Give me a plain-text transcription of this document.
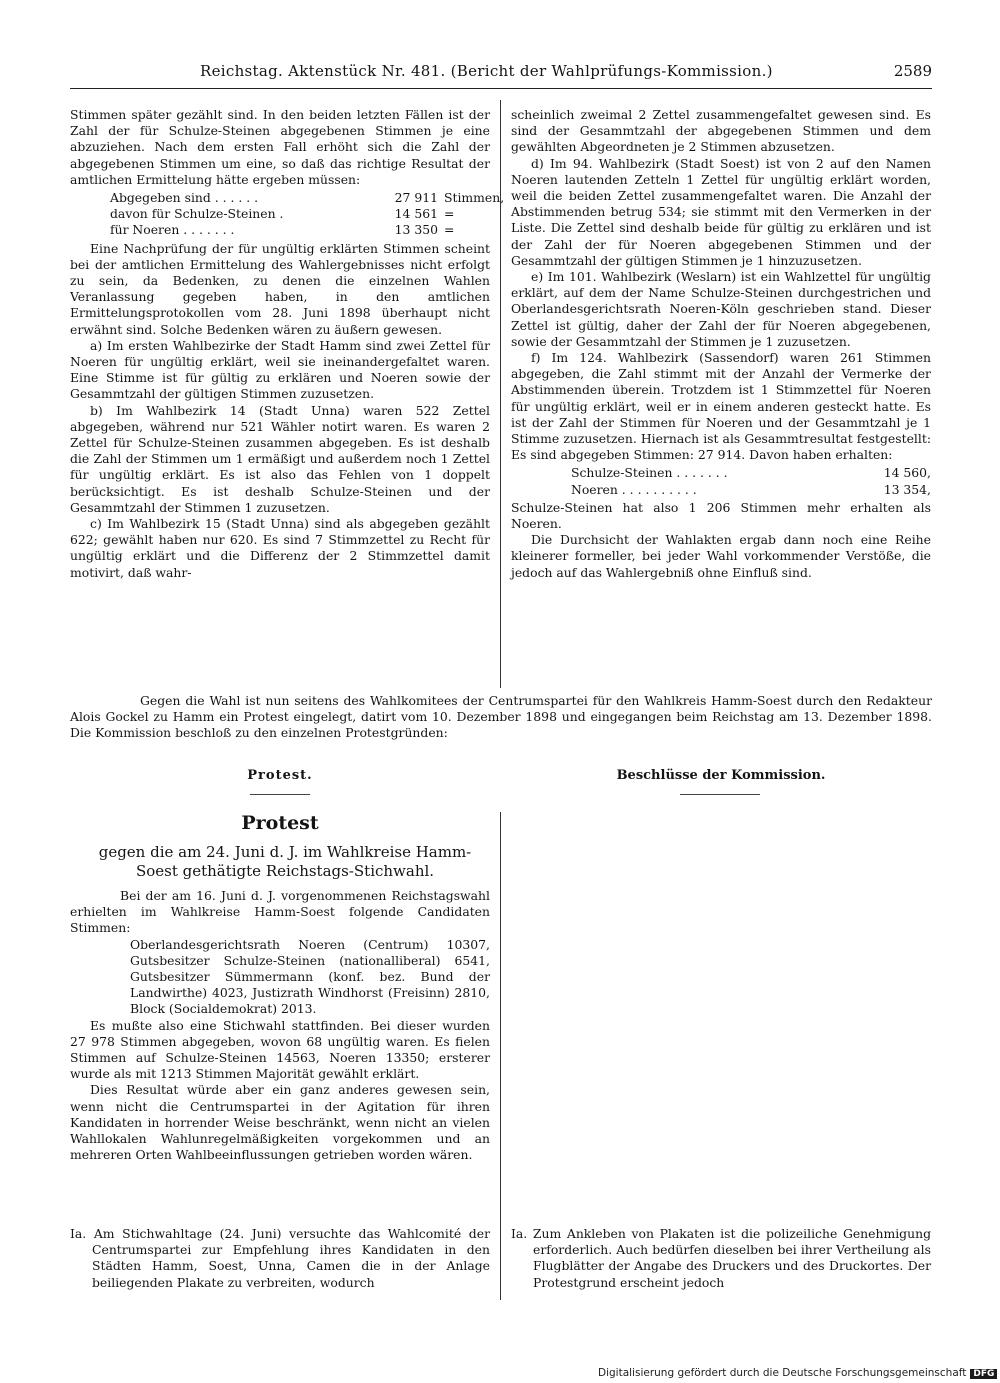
Reichstag. Aktenstück Nr. 481. (Bericht der Wahlprüfungs-Kommission.)	2589

Stimmen später gezählt sind. In den beiden letzten Fällen ist der Zahl der für Schulze-Steinen abgegebenen Stimmen je eine abzuziehen. Nach dem ersten Fall erhöht sich die Zahl der abgegebenen Stimmen um eine, so daß das richtige Resultat der amtlichen Ermittelung hätte ergeben müssen:

Abgegeben sind . . . . . .	27 911 Stimmen,
davon für Schulze-Steinen .	14 561 =
für Noeren . . . . . . .	13 350 =

Eine Nachprüfung der für ungültig erklärten Stimmen scheint bei der amtlichen Ermittelung des Wahlergebnisses nicht erfolgt zu sein, da Bedenken, zu denen die einzelnen Wahlen Veranlassung gegeben haben, in den amtlichen Ermittelungsprotokollen vom 28. Juni 1898 überhaupt nicht erwähnt sind. Solche Bedenken wären zu äußern gewesen.

a) Im ersten Wahlbezirke der Stadt Hamm sind zwei Zettel für Noeren für ungültig erklärt, weil sie ineinandergefaltet waren. Eine Stimme ist für gültig zu erklären und Noeren sowie der Gesammtzahl der gültigen Stimmen zuzusetzen.

b) Im Wahlbezirk 14 (Stadt Unna) waren 522 Zettel abgegeben, während nur 521 Wähler notirt waren. Es waren 2 Zettel für Schulze-Steinen zusammen abgegeben. Es ist deshalb die Zahl der Stimmen um 1 ermäßigt und außerdem noch 1 Zettel für ungültig erklärt. Es ist also das Fehlen von 1 doppelt berücksichtigt. Es ist deshalb Schulze-Steinen und der Gesammtzahl der Stimmen 1 zuzusetzen.

c) Im Wahlbezirk 15 (Stadt Unna) sind als abgegeben gezählt 622; gewählt haben nur 620. Es sind 7 Stimmzettel zu Recht für ungültig erklärt und die Differenz der 2 Stimmzettel damit motivirt, daß wahr-

scheinlich zweimal 2 Zettel zusammengefaltet gewesen sind. Es sind der Gesammtzahl der abgegebenen Stimmen und dem gewählten Abgeordneten je 2 Stimmen abzusetzen.

d) Im 94. Wahlbezirk (Stadt Soest) ist von 2 auf den Namen Noeren lautenden Zetteln 1 Zettel für ungültig erklärt worden, weil die beiden Zettel zusammengefaltet waren. Die Anzahl der Abstimmenden betrug 534; sie stimmt mit den Vermerken in der Liste. Die Zettel sind deshalb beide für gültig zu erklären und ist der Zahl der für Noeren abgegebenen Stimmen und der Gesammtzahl der gültigen Stimmen je 1 hinzuzusetzen.

e) Im 101. Wahlbezirk (Weslarn) ist ein Wahlzettel für ungültig erklärt, auf dem der Name Schulze-Steinen durchgestrichen und Oberlandesgerichtsrath Noeren-Köln geschrieben stand. Dieser Zettel ist gültig, daher der Zahl der für Noeren abgegebenen, sowie der Gesammtzahl der Stimmen je 1 zuzusetzen.

f) Im 124. Wahlbezirk (Sassendorf) waren 261 Stimmen abgegeben, die Zahl stimmt mit der Anzahl der Vermerke der Abstimmenden überein. Trotzdem ist 1 Stimmzettel für Noeren für ungültig erklärt, weil er in einem anderen gesteckt hatte. Es ist der Zahl der Stimmen für Noeren und der Gesammtzahl je 1 Stimme zuzusetzen. Hiernach ist als Gesammtresultat festgestellt: Es sind abgegeben Stimmen: 27 914. Davon haben erhalten:

Schulze-Steinen . . . . . . .	14 560,
Noeren . . . . . . . . . .	13 354,

Schulze-Steinen hat also 1 206 Stimmen mehr erhalten als Noeren.

Die Durchsicht der Wahlakten ergab dann noch eine Reihe kleinerer formeller, bei jeder Wahl vorkommender Verstöße, die jedoch auf das Wahlergebniß ohne Einfluß sind.

Gegen die Wahl ist nun seitens des Wahlkomitees der Centrumspartei für den Wahlkreis Hamm-Soest durch den Redakteur Alois Gockel zu Hamm ein Protest eingelegt, datirt vom 10. Dezember 1898 und eingegangen beim Reichstag am 13. Dezember 1898. Die Kommission beschloß zu den einzelnen Protestgründen:

Protest.	Beschlüsse der Kommission.
Protest
gegen die am 24. Juni d. J. im Wahlkreise Hamm-Soest gethätigte Reichstags-Stichwahl.

Bei der am 16. Juni d. J. vorgenommenen Reichstagswahl erhielten im Wahlkreise Hamm-Soest folgende Candidaten Stimmen:

Oberlandesgerichtsrath Noeren (Centrum) 10307, Gutsbesitzer Schulze-Steinen (nationalliberal) 6541, Gutsbesitzer Sümmermann (konf. bez. Bund der Landwirthe) 4023, Justizrath Windhorst (Freisinn) 2810, Block (Socialdemokrat) 2013.

Es mußte also eine Stichwahl stattfinden. Bei dieser wurden 27 978 Stimmen abgegeben, wovon 68 ungültig waren. Es fielen Stimmen auf Schulze-Steinen 14563, Noeren 13350; ersterer wurde als mit 1213 Stimmen Majorität gewählt erklärt.

Dies Resultat würde aber ein ganz anderes gewesen sein, wenn nicht die Centrumspartei in der Agitation für ihren Kandidaten in horrender Weise beschränkt, wenn nicht an vielen Wahllokalen Wahlunregelmäßigkeiten vorgekommen und an mehreren Orten Wahlbeeinflussungen getrieben worden wären.

Ia. Am Stichwahltage (24. Juni) versuchte das Wahlcomité der Centrumspartei zur Empfehlung ihres Kandidaten in den Städten Hamm, Soest, Unna, Camen die in der Anlage beiliegenden Plakate zu verbreiten, wodurch

Ia. Zum Ankleben von Plakaten ist die polizeiliche Genehmigung erforderlich. Auch bedürfen dieselben bei ihrer Vertheilung als Flugblätter der Angabe des Druckers und des Druckortes. Der Protestgrund erscheint jedoch

Digitalisierung gefördert durch die Deutsche Forschungsgemeinschaft DFG
